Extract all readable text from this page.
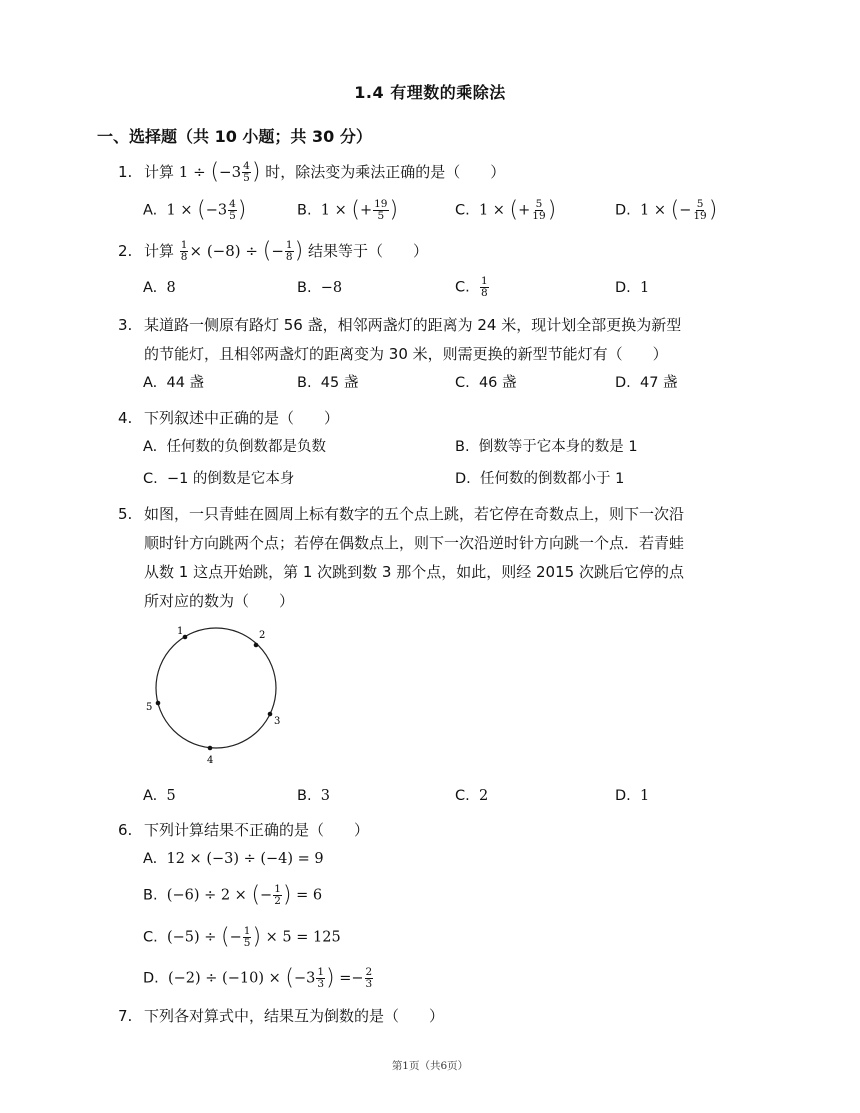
1.4 有理数的乘除法
一、选择题（共 10 小题；共 30 分）
1. 计算 $1 \div (-3 \frac{4}{5}$ ) 时，除法变为乘法正确的是（　　）
A. $1 \times (-3 \frac{4}{5}$ )	B. 1 × (+ $\frac{19}{5}$ )	C. 1 × (+ $\frac{5}{19}$ )	D. 1 × (− $\frac{5}{19}$ )
2. 计算 $\frac{1}{8} \times (-8)$ ÷ (− $\frac{1}{8}$ ) 结果等于（　　）
A. 8	B. −8	C. $\frac{1}{8}$	D. 1
3. 某道路一侧原有路灯 56 盏，相邻两盏灯的距离为 24 米，现计划全部更换为新型
的节能灯，且相邻两盏灯的距离变为 30 米，则需更换的新型节能灯有（　　）
A. 44 盏	B. 45 盏	C. 46 盏	D. 47 盏
4. 下列叙述中正确的是（　　）
A. 任何数的负倒数都是负数	B. 倒数等于它本身的数是 1
C. −1 的倒数是它本身	D. 任何数的倒数都小于 1
5. 如图，一只青蛙在圆周上标有数字的五个点上跳，若它停在奇数点上，则下一次沿
顺时针方向跳两个点；若停在偶数点上，则下一次沿逆时针方向跳一个点．若青蛙
从数 1 这点开始跳，第 1 次跳到数 3 那个点，如此，则经 2015 次跳后它停的点
所对应的数为（　　）
1	2
3
4
5
A. 5	B. 3	C. 2	D. 1
6. 下列计算结果不正确的是（　　）
A. 12 × (−3) ÷ (−4) = 9
B. (−6) ÷ 2 × (− $\frac{1}{2}$ ) = 6
C. (−5) ÷ (− $\frac{1}{5}$ ) × 5 = 125
D. $(-2) \div (-10) \times (-3 \frac{1}{3}$ ) =− $\frac{2}{3}$
7. 下列各对算式中，结果互为倒数的是（　　）
第1页（共6页）
